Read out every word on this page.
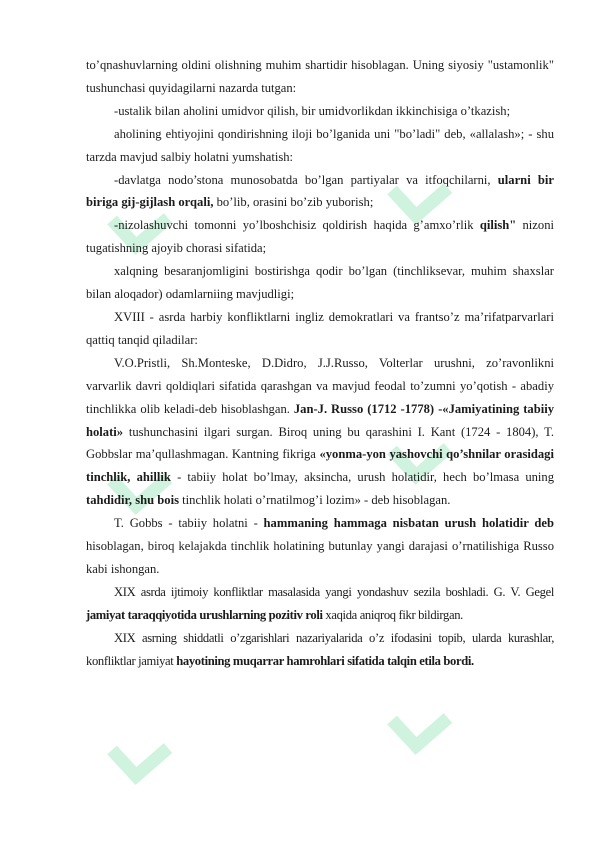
to’qnashuvlarning oldini olishning muhim shartidir hisoblagan. Uning siyosiy "ustamonlik" tushunchasi quyidagilarni nazarda tutgan:

-ustalik bilan aholini umidvor qilish, bir umidvorlikdan ikkinchisiga o’tkazish;

aholining ehtiyojini qondirishning iloji bo’lganida uni "bo’ladi" deb, «allalash»; - shu tarzda mavjud salbiy holatni yumshatish:

-davlatga nodo’stona munosobatda bo’lgan partiyalar va itfoqchilarni, ularni bir biriga gij-gijlash orqali, bo’lib, orasini bo’zib yuborish;

-nizolashuvchi tomonni yo’lboshchisiz qoldirish haqida g’amxo’rlik qilish" nizoni tugatishning ajoyib chorasi sifatida;

xalqning besaranjomligini bostirishga qodir bo’lgan (tinchliksevar, muhim shaxslar bilan aloqador) odamlarniing mavjudligi;

XVIII - asrda harbiy konfliktlarni ingliz demokratlari va frantso’z ma’rifatparvarlari qattiq tanqid qiladilar:

V.O.Pristli, Sh.Monteske, D.Didro, J.J.Russo, Volterlar urushni, zo’ravonlikni varvarlik davri qoldiqlari sifatida qarashgan va mavjud feodal to’zumni yo’qotish - abadiy tinchlikka olib keladi-deb hisoblashgan. Jan-J. Russo (1712 -1778) -«Jamiyatining tabiiy holati» tushunchasini ilgari surgan. Biroq uning bu qarashini I. Kant (1724 - 1804), T. Gobbslar ma’qullashmagan. Kantning fikriga «yonma-yon yashovchi qo’shnilar orasidagi tinchlik, ahillik - tabiiy holat bo’lmay, aksincha, urush holatidir, hech bo’lmasa uning tahdidir, shu bois tinchlik holati o’rnatilmog’i lozim» - deb hisoblagan.

T. Gobbs - tabiiy holatni - hammaning hammaga nisbatan urush holatidir deb hisoblagan, biroq kelajakda tinchlik holatining butunlay yangi darajasi o’rnatilishiga Russo kabi ishongan.

XIX asrda ijtimoiy konfliktlar masalasida yangi yondashuv sezila boshladi. G. V. Gegel jamiyat taraqqiyotida urushlarning pozitiv roli xaqida aniqroq fikr bildirgan.

XIX asrning shiddatli o’zgarishlari nazariyalarida o’z ifodasini topib, ularda kurashlar, konfliktlar jamiyat hayotining muqarrar hamrohlari sifatida talqin etila bordi.
